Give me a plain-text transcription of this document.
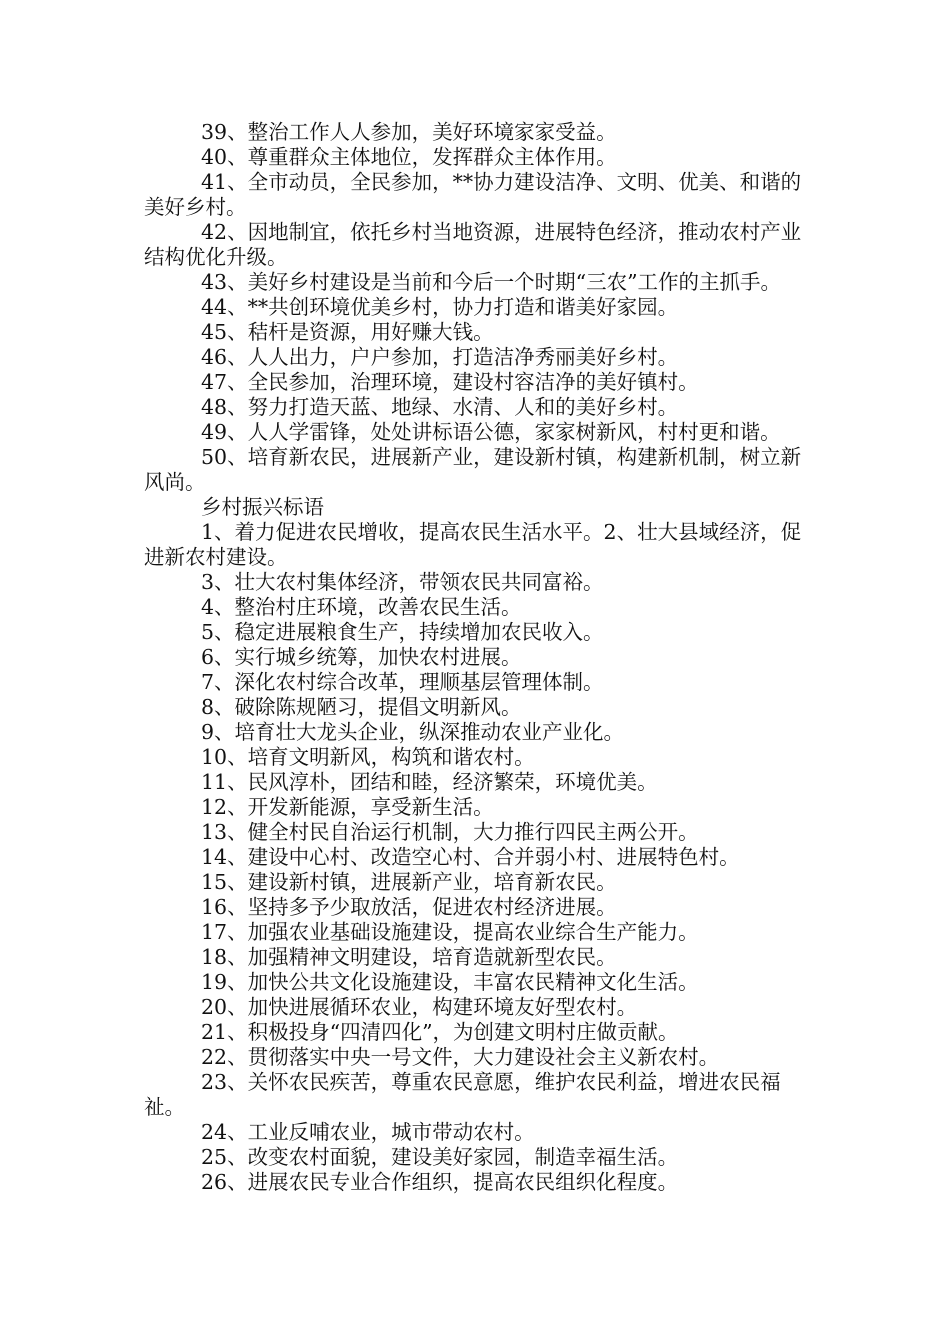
39、整治工作人人参加，美好环境家家受益。

40、尊重群众主体地位，发挥群众主体作用。

41、全市动员，全民参加，**协力建设洁净、文明、优美、和谐的美好乡村。

42、因地制宜，依托乡村当地资源，进展特色经济，推动农村产业结构优化升级。

43、美好乡村建设是当前和今后一个时期“三农”工作的主抓手。

44、**共创环境优美乡村，协力打造和谐美好家园。

45、秸杆是资源，用好赚大钱。

46、人人出力，户户参加，打造洁净秀丽美好乡村。

47、全民参加，治理环境，建设村容洁净的美好镇村。

48、努力打造天蓝、地绿、水清、人和的美好乡村。

49、人人学雷锋，处处讲标语公德，家家树新风，村村更和谐。

50、培育新农民，进展新产业，建设新村镇，构建新机制，树立新风尚。

乡村振兴标语

1、着力促进农民增收，提高农民生活水平。2、壮大县域经济，促进新农村建设。

3、壮大农村集体经济，带领农民共同富裕。

4、整治村庄环境，改善农民生活。

5、稳定进展粮食生产，持续增加农民收入。

6、实行城乡统筹，加快农村进展。

7、深化农村综合改革，理顺基层管理体制。

8、破除陈规陋习，提倡文明新风。

9、培育壮大龙头企业，纵深推动农业产业化。

10、培育文明新风，构筑和谐农村。

11、民风淳朴，团结和睦，经济繁荣，环境优美。

12、开发新能源，享受新生活。

13、健全村民自治运行机制，大力推行四民主两公开。

14、建设中心村、改造空心村、合并弱小村、进展特色村。

15、建设新村镇，进展新产业，培育新农民。

16、坚持多予少取放活，促进农村经济进展。

17、加强农业基础设施建设，提高农业综合生产能力。

18、加强精神文明建设，培育造就新型农民。

19、加快公共文化设施建设，丰富农民精神文化生活。

20、加快进展循环农业，构建环境友好型农村。

21、积极投身“四清四化”，为创建文明村庄做贡献。

22、贯彻落实中央一号文件，大力建设社会主义新农村。

23、关怀农民疾苦，尊重农民意愿，维护农民利益，增进农民福祉。

24、工业反哺农业，城市带动农村。

25、改变农村面貌，建设美好家园，制造幸福生活。

26、进展农民专业合作组织，提高农民组织化程度。
